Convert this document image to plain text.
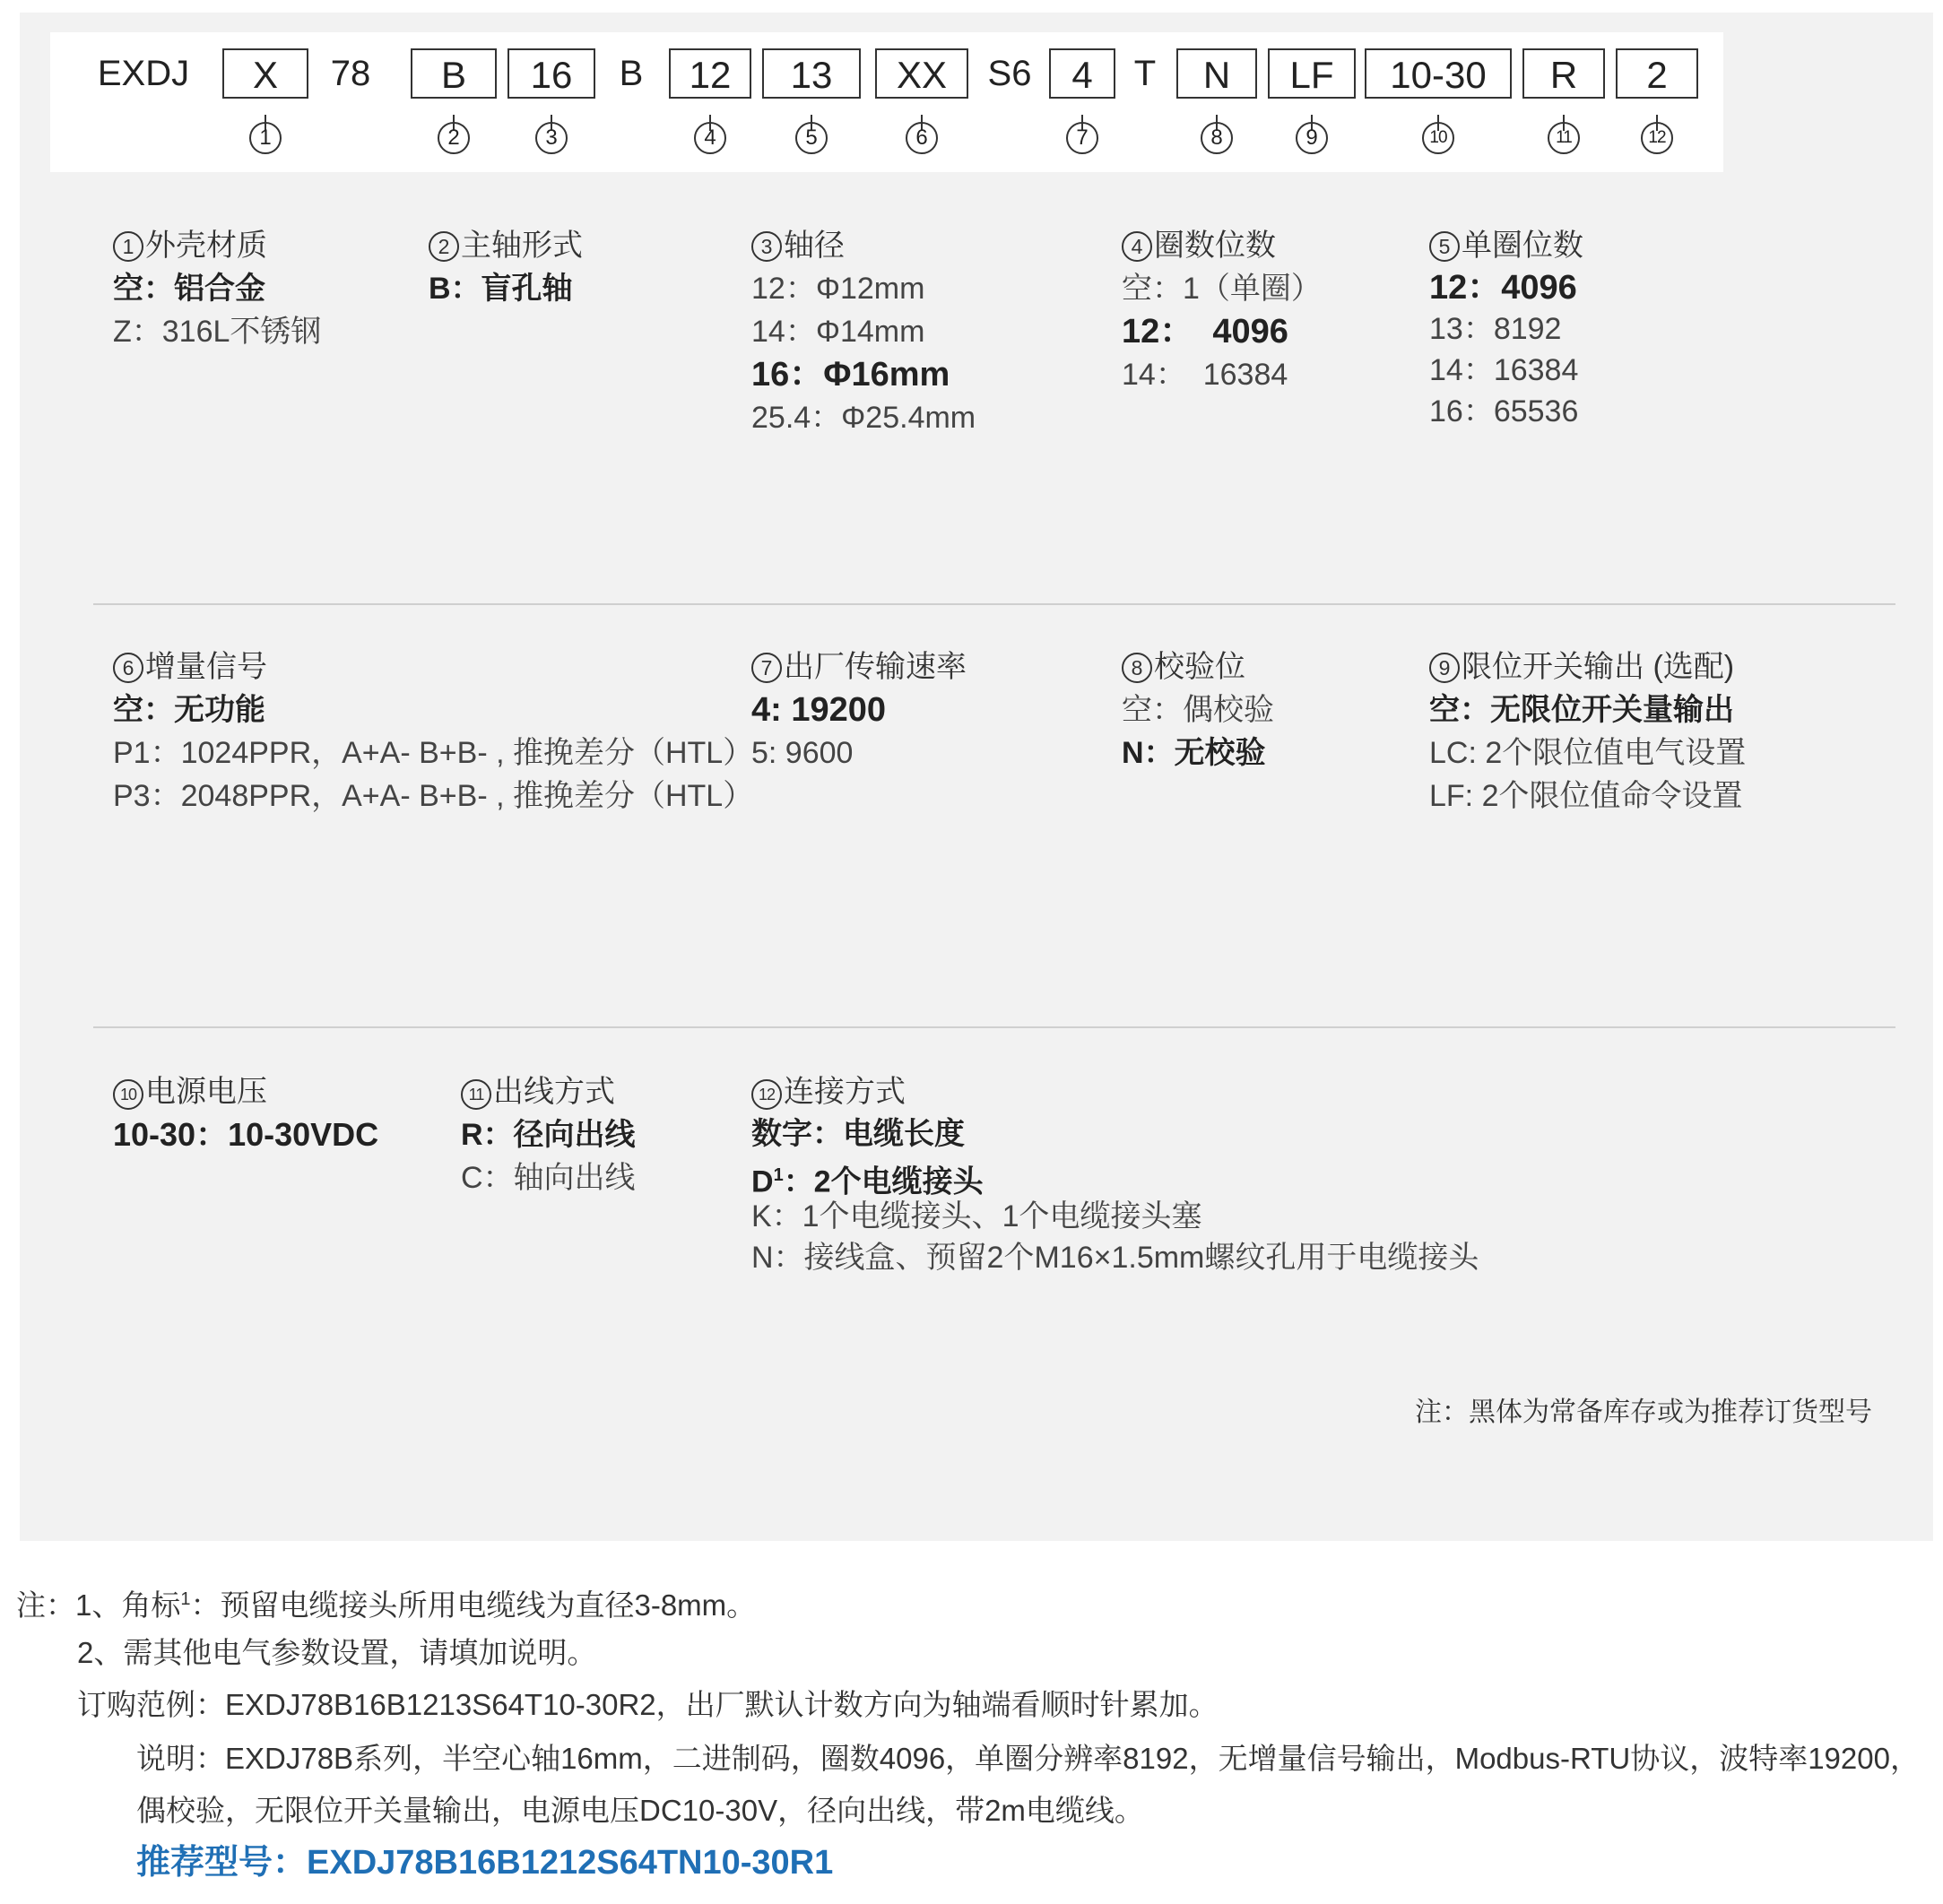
EXDJ	X	78	B	16	B	12	13	XX	S6	4	T	N	LF	10-30	R	2
1	2	3	4	5	6	7	8	9	10	11	12
1 外壳材质
空：铝合金
Z：316L不锈钢
2 主轴形式
B：盲孔轴
3 轴径
12：Φ12mm
14：Φ14mm
16：Φ16mm
25.4：Φ25.4mm
4 圈数位数
空：1（单圈）
12：  4096
14：  16384
5 单圈位数
12：4096
13：8192
14：16384
16：65536
6 增量信号
空：无功能
P1：1024PPR，A+A- B+B- , 推挽差分（HTL）
P3：2048PPR，A+A- B+B- , 推挽差分（HTL）
7 出厂传输速率
4: 19200
5: 9600
8 校验位
空：偶校验
N：无校验
9 限位开关输出 (选配)
空：无限位开关量输出
LC: 2个限位值电气设置
LF: 2个限位值命令设置
10 电源电压
10-30：10-30VDC
11 出线方式
R：径向出线
C：轴向出线
12 连接方式
数字：电缆长度
$D^1$：2个电缆接头
K：1个电缆接头、1个电缆接头塞
N：接线盒、预留2个M16×1.5mm螺纹孔用于电缆接头
注：黑体为常备库存或为推荐订货型号
注：1、角标$^1$：预留电缆接头所用电缆线为直径3-8mm。
2、需其他电气参数设置，请填加说明。
订购范例：EXDJ78B16B1213S64T10-30R2，出厂默认计数方向为轴端看顺时针累加。
说明：EXDJ78B系列，半空心轴16mm，二进制码，圈数4096，单圈分辨率8192，无增量信号输出，Modbus-RTU协议，波特率19200，
偶校验，无限位开关量输出，电源电压DC10-30V，径向出线，带2m电缆线。
推荐型号：EXDJ78B16B1212S64TN10-30R1
